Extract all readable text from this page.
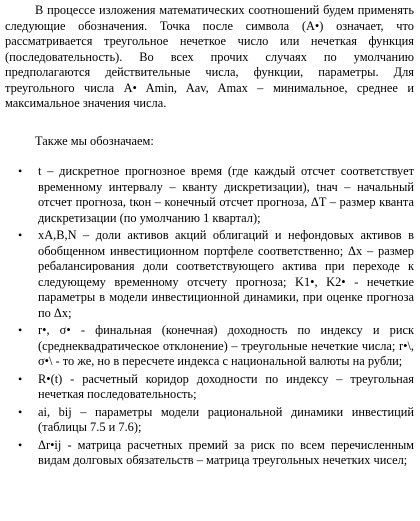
В процессе изложения математических соотношений будем применять следующие обозначения. Точка после символа (A•) означает, что рассматривается треугольное нечеткое число или нечеткая функция (последовательность). Во всех прочих случаях по умолчанию предполагаются действительные числа, функции, параметры. Для треугольного числа A• Amin, Aav, Amax – минимальное, среднее и максимальное значения числа.

Также мы обозначаем:

• t – дискретное прогнозное время (где каждый отсчет соответствует временному интервалу – кванту дискретизации), tнач – начальный отсчет прогноза, tкон – конечный отсчет прогноза, ΔT – размер кванта дискретизации (по умолчанию 1 квартал);
• xA,B,N – доли активов акций облигаций и нефондовых активов в обобщенном инвестиционном портфеле соответственно; Δx – размер ребалансирования доли соответствующего актива при переходе к следующему временному отсчету прогноза; K1•, K2• - нечеткие параметры в модели инвестиционной динамики, при оценке прогноза по Δx;
• r•, σ• - финальная (конечная) доходность по индексу и риск (среднеквадратическое отклонение) – треугольные нечеткие числа; r•\, σ•\ - то же, но в пересчете индекса с национальной валюты на рубли;
• R•(t) - расчетный коридор доходности по индексу – треугольная нечеткая последовательность;
• ai, bij – параметры модели рациональной динамики инвестиций (таблицы 7.5 и 7.6);
• Δr•ij - матрица расчетных премий за риск по всем перечисленным видам долговых обязательств – матрица треугольных нечетких чисел;
